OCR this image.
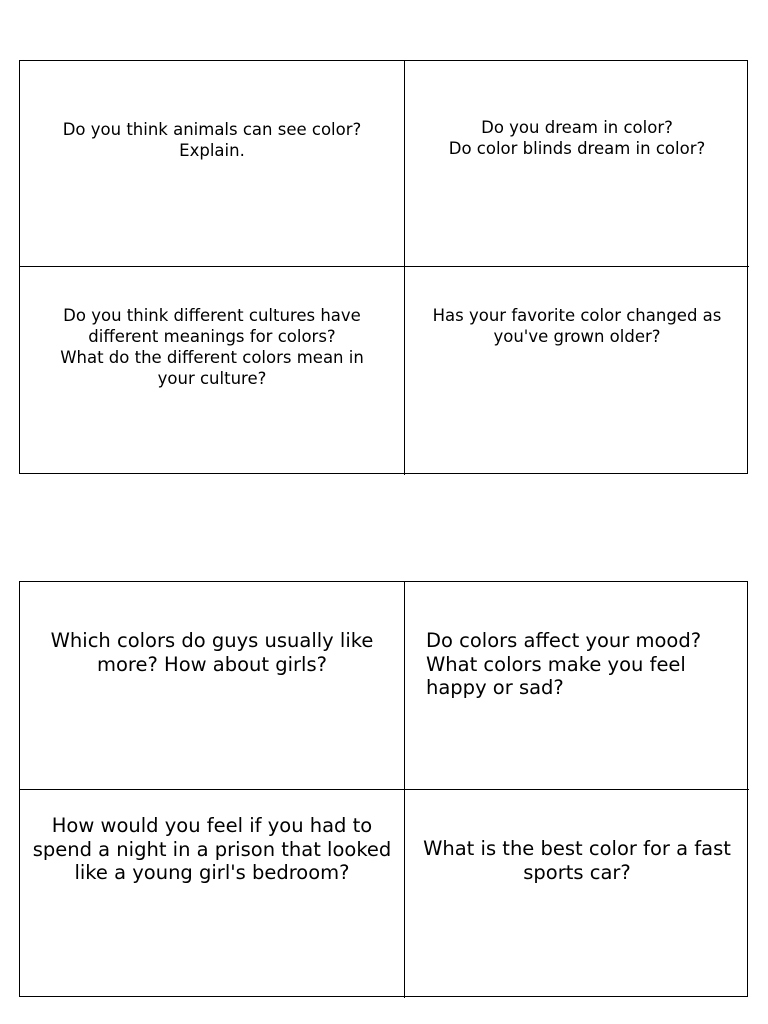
Do you think animals can see color?
Explain.

Do you dream in color?
Do color blinds dream in color?

Do you think different cultures have
different meanings for colors?
What do the different colors mean in
your culture?

Has your favorite color changed as
you've grown older?

Which colors do guys usually like
more? How about girls?

Do colors affect your mood?
What colors make you feel
happy or sad?

How would you feel if you had to
spend a night in a prison that looked
like a young girl's bedroom?

What is the best color for a fast
sports car?
